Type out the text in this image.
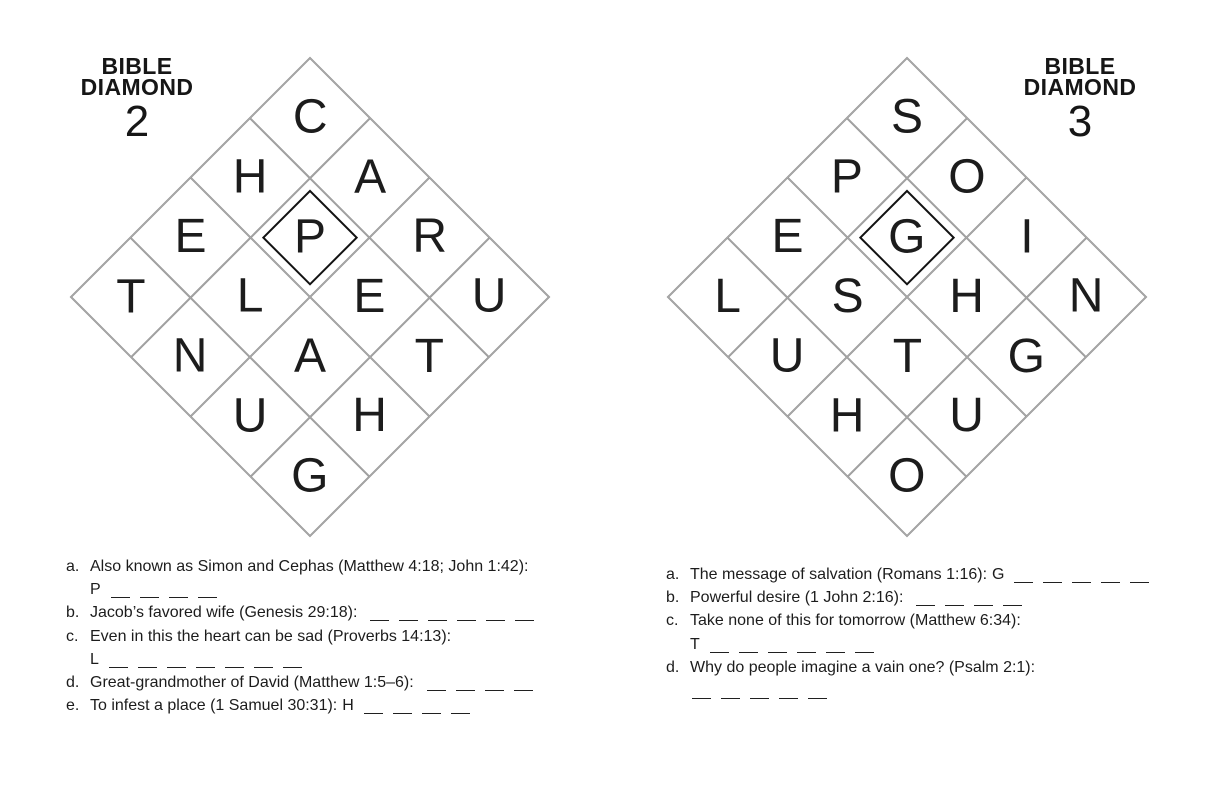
BIBLE
DIAMOND
2	C
A
R
U
H
P
E
T
E
L
A
H
T
N
U
G
a. Also known as Simon and Cephas (Matthew 4:18; John 1:42):
P
b. Jacob’s favored wife (Genesis 29:18):
c. Even in this the heart can be sad (Proverbs 14:13):
L
d. Great-grandmother of David (Matthew 1:5–6):
e. To infest a place (1 Samuel 30:31): H
BIBLE
DIAMOND
3
S
O
I
N
P
G
H
G
E
S
T
U
L
U
H
O
a. The message of salvation (Romans 1:16): G
b. Powerful desire (1 John 2:16):
c. Take none of this for tomorrow (Matthew 6:34):
T
d. Why do people imagine a vain one? (Psalm 2:1):
